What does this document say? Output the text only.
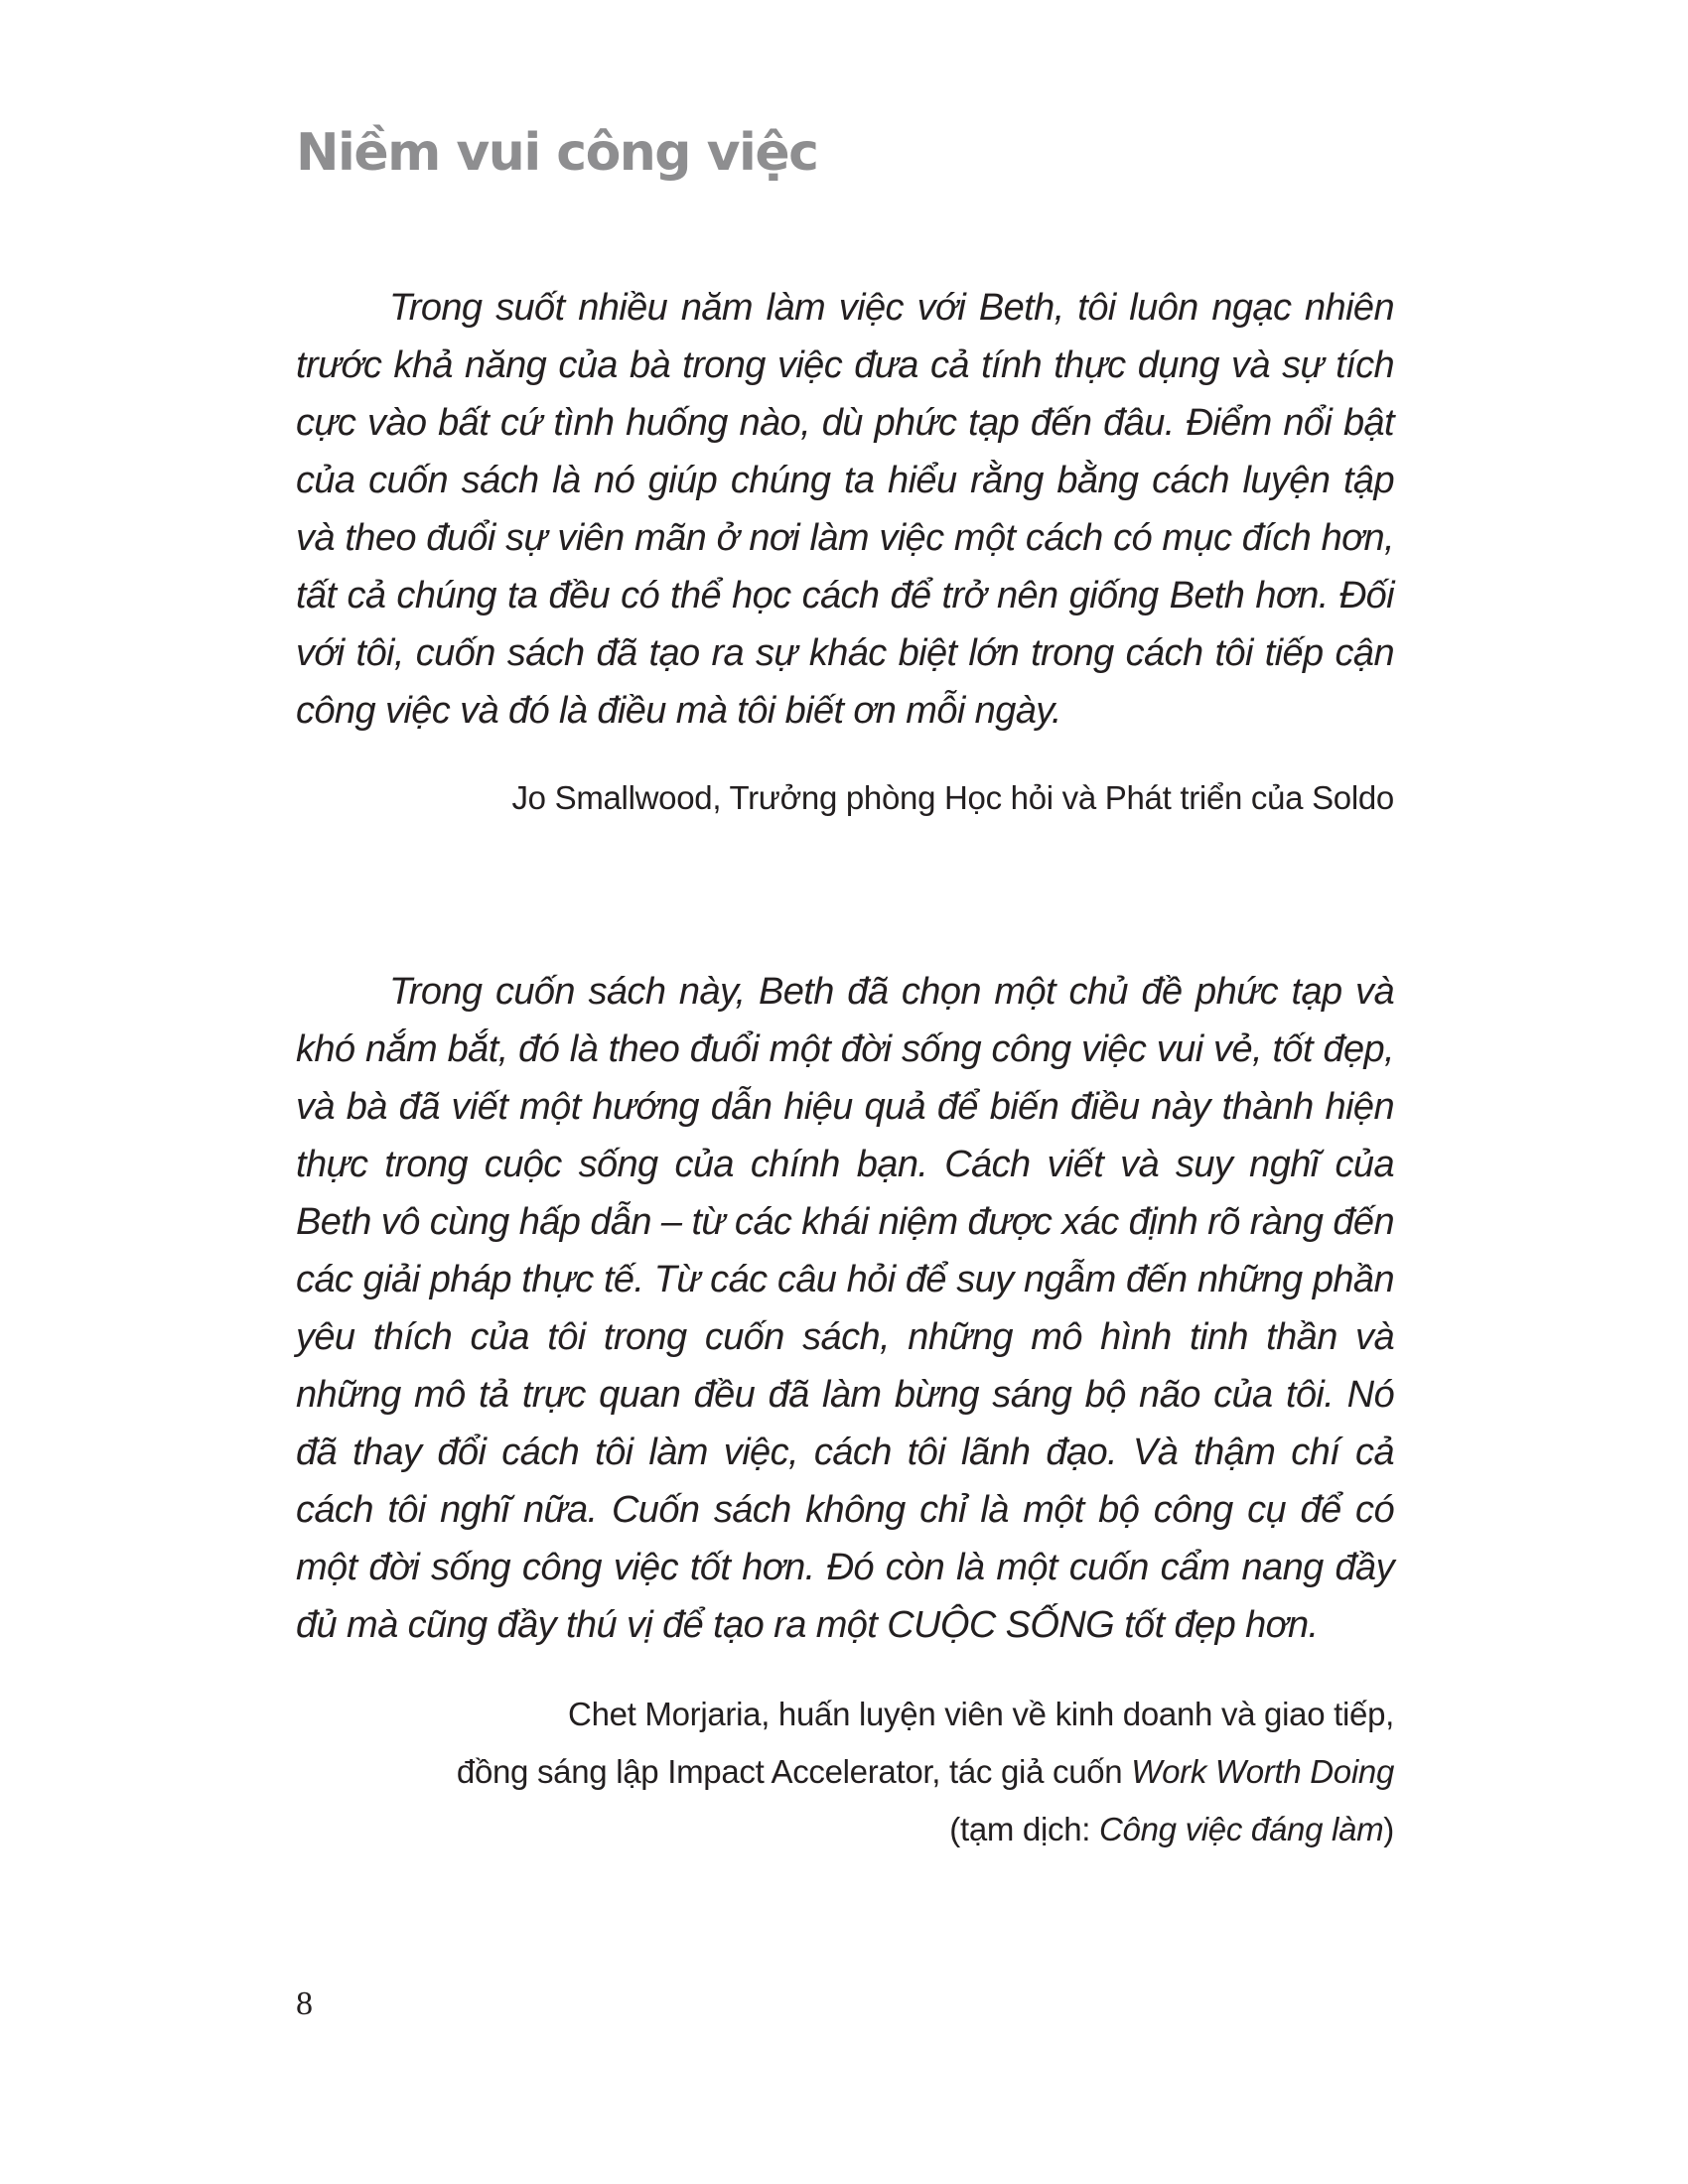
Niềm vui công việc

Trong suốt nhiều năm làm việc với Beth, tôi luôn ngạc nhiên trước khả năng của bà trong việc đưa cả tính thực dụng và sự tích cực vào bất cứ tình huống nào, dù phức tạp đến đâu. Điểm nổi bật của cuốn sách là nó giúp chúng ta hiểu rằng bằng cách luyện tập và theo đuổi sự viên mãn ở nơi làm việc một cách có mục đích hơn, tất cả chúng ta đều có thể học cách để trở nên giống Beth hơn. Đối với tôi, cuốn sách đã tạo ra sự khác biệt lớn trong cách tôi tiếp cận công việc và đó là điều mà tôi biết ơn mỗi ngày.

Jo Smallwood, Trưởng phòng Học hỏi và Phát triển của Soldo

Trong cuốn sách này, Beth đã chọn một chủ đề phức tạp và khó nắm bắt, đó là theo đuổi một đời sống công việc vui vẻ, tốt đẹp, và bà đã viết một hướng dẫn hiệu quả để biến điều này thành hiện thực trong cuộc sống của chính bạn. Cách viết và suy nghĩ của Beth vô cùng hấp dẫn – từ các khái niệm được xác định rõ ràng đến các giải pháp thực tế. Từ các câu hỏi để suy ngẫm đến những phần yêu thích của tôi trong cuốn sách, những mô hình tinh thần và những mô tả trực quan đều đã làm bừng sáng bộ não của tôi. Nó đã thay đổi cách tôi làm việc, cách tôi lãnh đạo. Và thậm chí cả cách tôi nghĩ nữa. Cuốn sách không chỉ là một bộ công cụ để có một đời sống công việc tốt hơn. Đó còn là một cuốn cẩm nang đầy đủ mà cũng đầy thú vị để tạo ra một CUỘC SỐNG tốt đẹp hơn.

Chet Morjaria, huấn luyện viên về kinh doanh và giao tiếp,
đồng sáng lập Impact Accelerator, tác giả cuốn Work Worth Doing
(tạm dịch: Công việc đáng làm)

8
